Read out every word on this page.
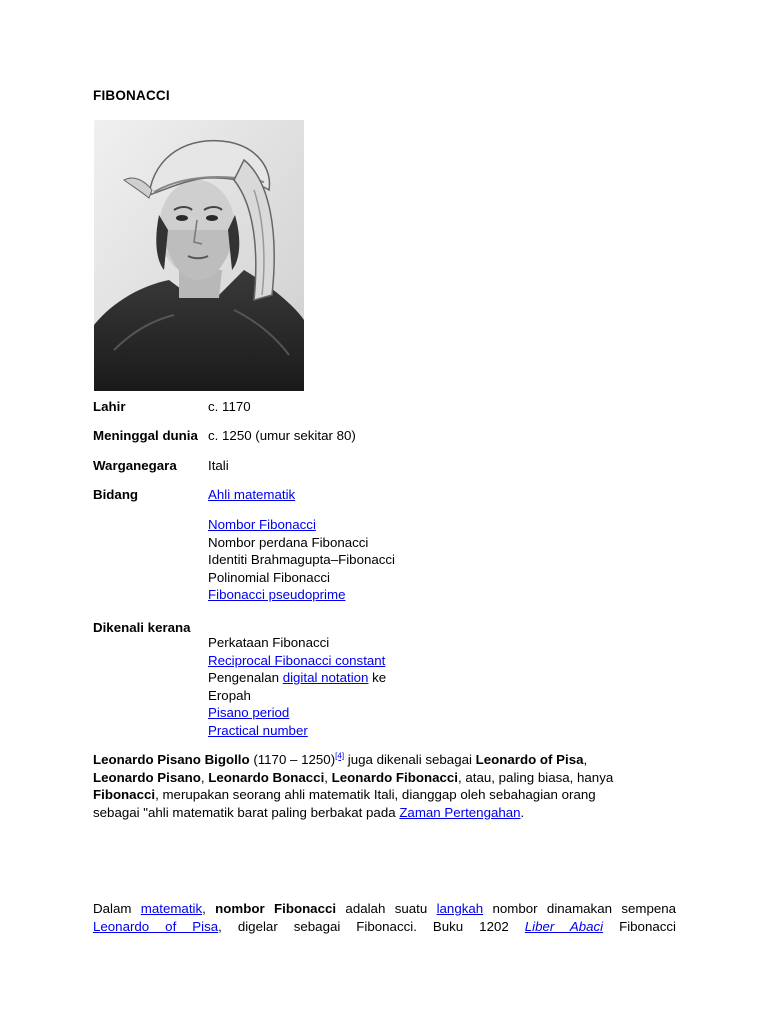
FIBONACCI
Lahir	c. 1170
Meninggal dunia c. 1250 (umur sekitar 80)
Warganegara Itali
Bidang	Ahli matematik
Nombor Fibonacci
Nombor perdana Fibonacci
Identiti Brahmagupta–Fibonacci
Polinomial Fibonacci
Fibonacci pseudoprime
Dikenali kerana
Perkataan Fibonacci
Reciprocal Fibonacci constant
Pengenalan digital notation ke
Eropah
Pisano period
Practical number
Leonardo Pisano Bigollo (1170 – 1250)[4] juga dikenali sebagai Leonardo of Pisa,
Leonardo Pisano, Leonardo Bonacci, Leonardo Fibonacci, atau, paling biasa, hanya
Fibonacci, merupakan seorang ahli matematik Itali, dianggap oleh sebahagian orang
sebagai "ahli matematik barat paling berbakat pada Zaman Pertengahan.
Dalam matematik, nombor Fibonacci adalah suatu langkah nombor dinamakan sempena
Leonardo of Pisa, digelar sebagai Fibonacci. Buku 1202 Liber Abaci Fibonacci
